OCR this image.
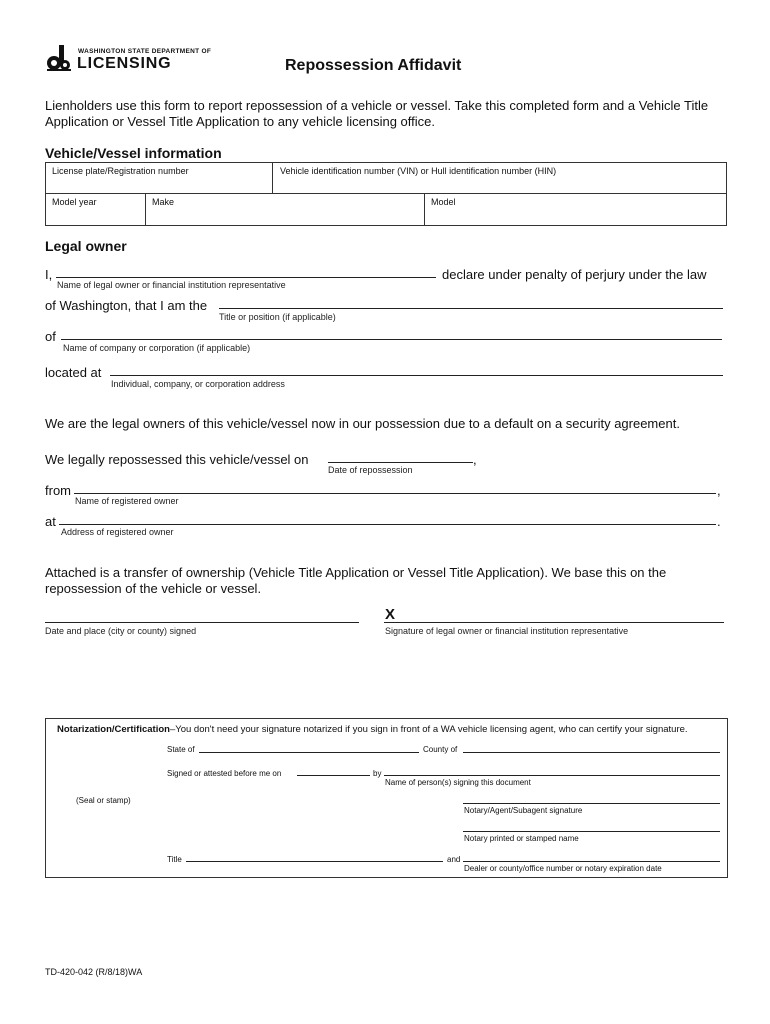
WASHINGTON STATE DEPARTMENT OF
LICENSING	Repossession Affidavit
Lienholders use this form to report repossession of a vehicle or vessel. Take this completed form and a Vehicle Title Application or Vessel Title Application to any vehicle licensing office.
Vehicle/Vessel information
License plate/Registration number	Vehicle identification number (VIN) or Hull identification number (HIN)
Model year	Make	Model
Legal owner
I,
Name of legal owner or financial institution representative
declare under penalty of perjury under the law
of Washington, that I am the
Title or position (if applicable)
of
Name of company or corporation (if applicable)
located at
Individual, company, or corporation address
We are the legal owners of this vehicle/vessel now in our possession due to a default on a security agreement.
We legally repossessed this vehicle/vessel on	,
Date of repossession
from	,
Name of registered owner
at	.
Address of registered owner
Attached is a transfer of ownership (Vehicle Title Application or Vessel Title Application). We base this on the repossession of the vehicle or vessel.
Date and place (city or county) signed
X
Signature of legal owner or financial institution representative
Notarization/Certification–You don't need your signature notarized if you sign in front of a WA vehicle licensing agent, who can certify your signature.
State of	County of
Signed or attested before me on	by
Name of person(s) signing this document
(Seal or stamp)
Notary/Agent/Subagent signature
Notary printed or stamped name
Title	and
Dealer or county/office number or notary expiration date
TD-420-042 (R/8/18)WA
